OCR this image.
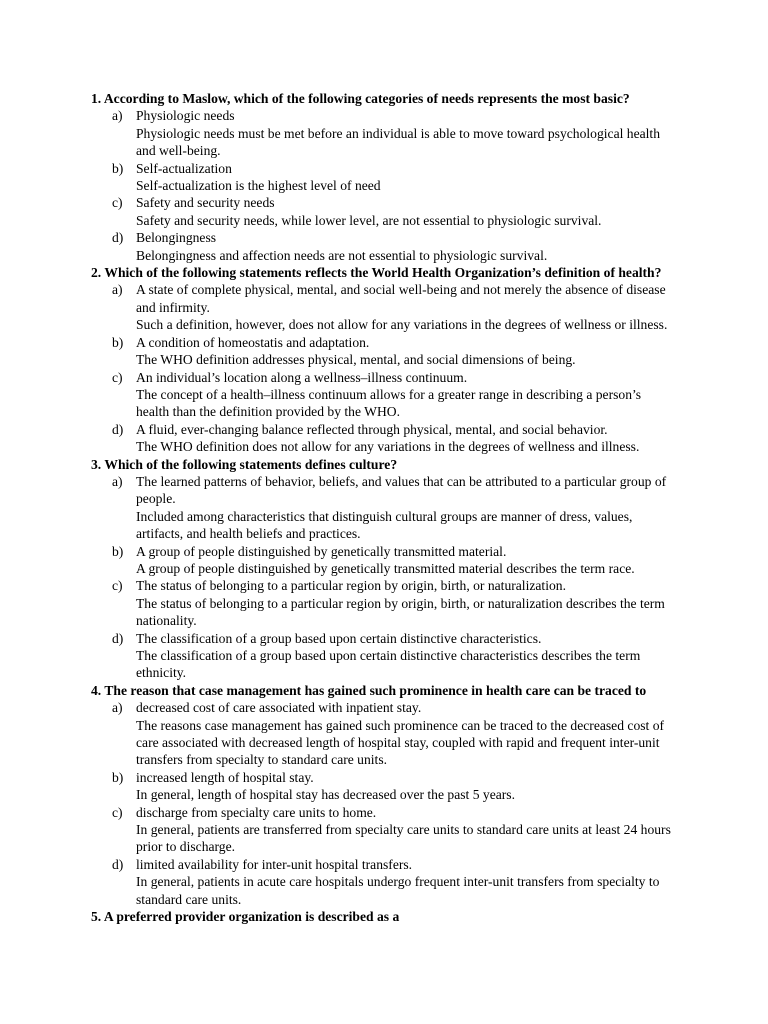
1. According to Maslow, which of the following categories of needs represents the most basic?

a) Physiologic needs
Physiologic needs must be met before an individual is able to move toward psychological health and well-being.
b) Self-actualization
Self-actualization is the highest level of need
c) Safety and security needs
Safety and security needs, while lower level, are not essential to physiologic survival.
d) Belongingness
Belongingness and affection needs are not essential to physiologic survival.

2. Which of the following statements reflects the World Health Organization’s definition of health?

a) A state of complete physical, mental, and social well-being and not merely the absence of disease and infirmity.
Such a definition, however, does not allow for any variations in the degrees of wellness or illness.
b) A condition of homeostatis and adaptation.
The WHO definition addresses physical, mental, and social dimensions of being.
c) An individual’s location along a wellness–illness continuum.
The concept of a health–illness continuum allows for a greater range in describing a person’s health than the definition provided by the WHO.
d) A fluid, ever-changing balance reflected through physical, mental, and social behavior.
The WHO definition does not allow for any variations in the degrees of wellness and illness.

3. Which of the following statements defines culture?

a) The learned patterns of behavior, beliefs, and values that can be attributed to a particular group of people.
Included among characteristics that distinguish cultural groups are manner of dress, values, artifacts, and health beliefs and practices.
b) A group of people distinguished by genetically transmitted material.
A group of people distinguished by genetically transmitted material describes the term race.
c) The status of belonging to a particular region by origin, birth, or naturalization.
The status of belonging to a particular region by origin, birth, or naturalization describes the term nationality.
d) The classification of a group based upon certain distinctive characteristics.
The classification of a group based upon certain distinctive characteristics describes the term ethnicity.

4. The reason that case management has gained such prominence in health care can be traced to

a) decreased cost of care associated with inpatient stay.
The reasons case management has gained such prominence can be traced to the decreased cost of care associated with decreased length of hospital stay, coupled with rapid and frequent inter-unit transfers from specialty to standard care units.
b) increased length of hospital stay.
In general, length of hospital stay has decreased over the past 5 years.
c) discharge from specialty care units to home.
In general, patients are transferred from specialty care units to standard care units at least 24 hours prior to discharge.
d) limited availability for inter-unit hospital transfers.
In general, patients in acute care hospitals undergo frequent inter-unit transfers from specialty to standard care units.

5. A preferred provider organization is described as a
